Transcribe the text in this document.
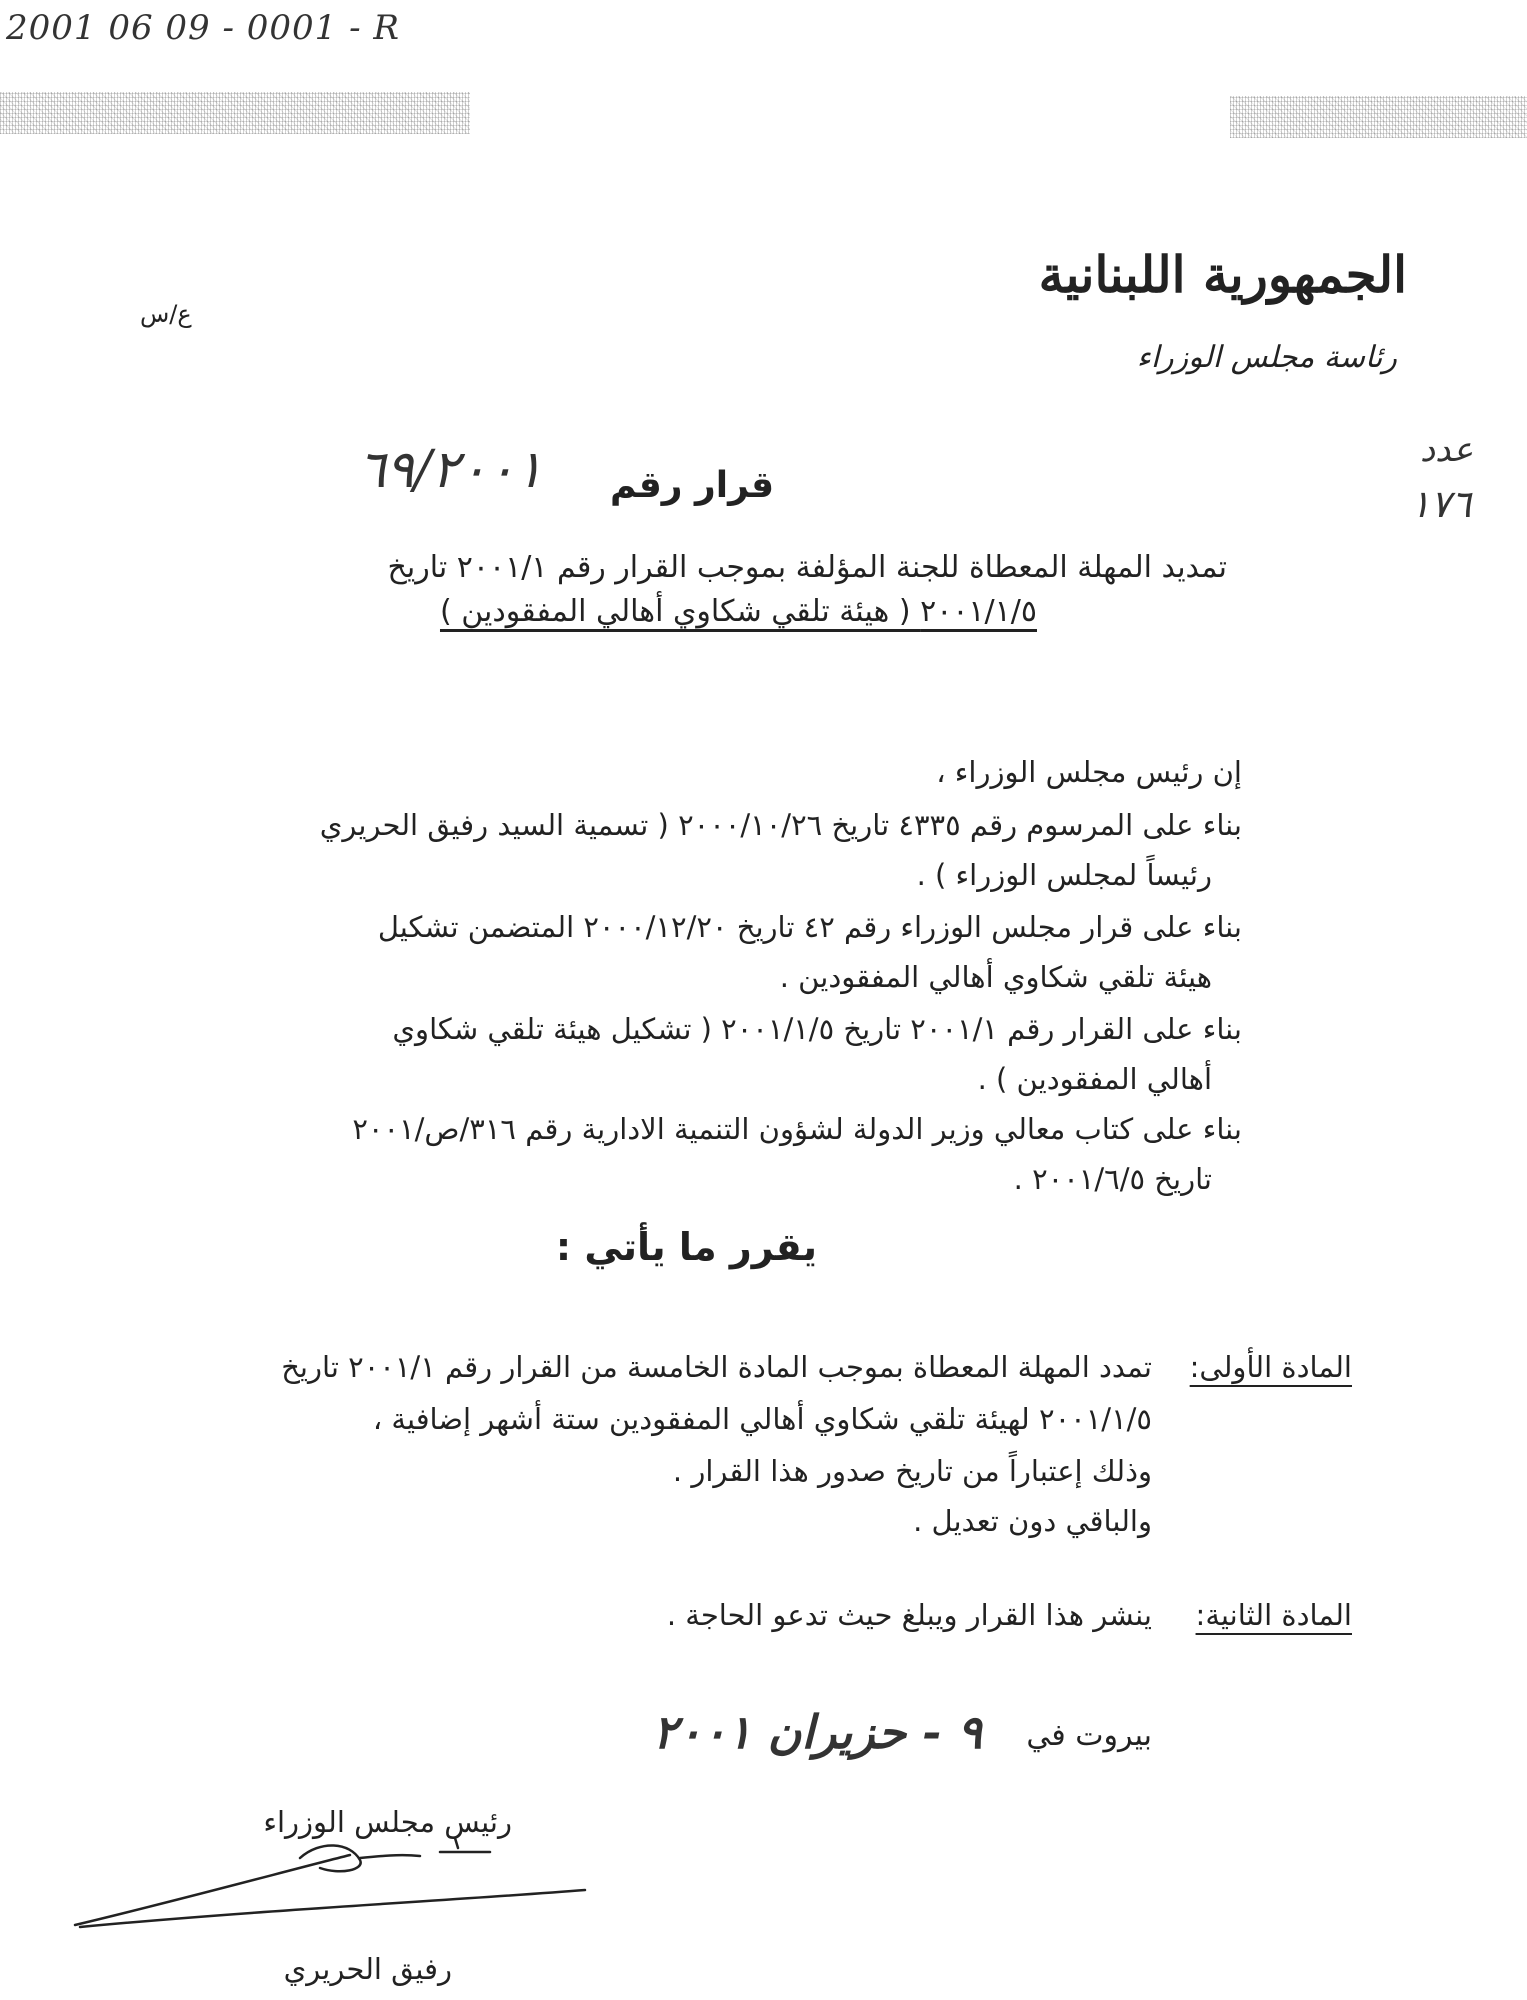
2001 06 09 - 0001 - R
الجمهورية اللبنانية
رئاسة مجلس الوزراء
ع/س
عدد
١٧٦
قرار رقم
٦٩/٢٠٠١
تمديد المهلة المعطاة للجنة المؤلفة بموجب القرار رقم ٢٠٠١/١ تاريخ
٢٠٠١/١/٥ ( هيئة تلقي شكاوي أهالي المفقودين )
إن رئيس مجلس الوزراء ،
بناء على المرسوم رقم ٤٣٣٥ تاريخ ٢٠٠٠/١٠/٢٦ ( تسمية السيد رفيق الحريري
رئيساً لمجلس الوزراء ) .
بناء على قرار مجلس الوزراء رقم ٤٢ تاريخ ٢٠٠٠/١٢/٢٠ المتضمن تشكيل
هيئة تلقي شكاوي أهالي المفقودين .
بناء على القرار رقم ٢٠٠١/١ تاريخ ٢٠٠١/١/٥ ( تشكيل هيئة تلقي شكاوي
أهالي المفقودين ) .
بناء على كتاب معالي وزير الدولة لشؤون التنمية الادارية رقم ٣١٦/ص/٢٠٠١
تاريخ ٢٠٠١/٦/٥ .
يقرر ما يأتي :
المادة الأولى:
تمدد المهلة المعطاة بموجب المادة الخامسة من القرار رقم ٢٠٠١/١ تاريخ
٢٠٠١/١/٥ لهيئة تلقي شكاوي أهالي المفقودين ستة أشهر إضافية ،
وذلك إعتباراً من تاريخ صدور هذا القرار .
والباقي دون تعديل .
المادة الثانية:
ينشر هذا القرار ويبلغ حيث تدعو الحاجة .
بيروت في
٩ - حزيران ٢٠٠١
رئيس مجلس الوزراء
رفيق الحريري
